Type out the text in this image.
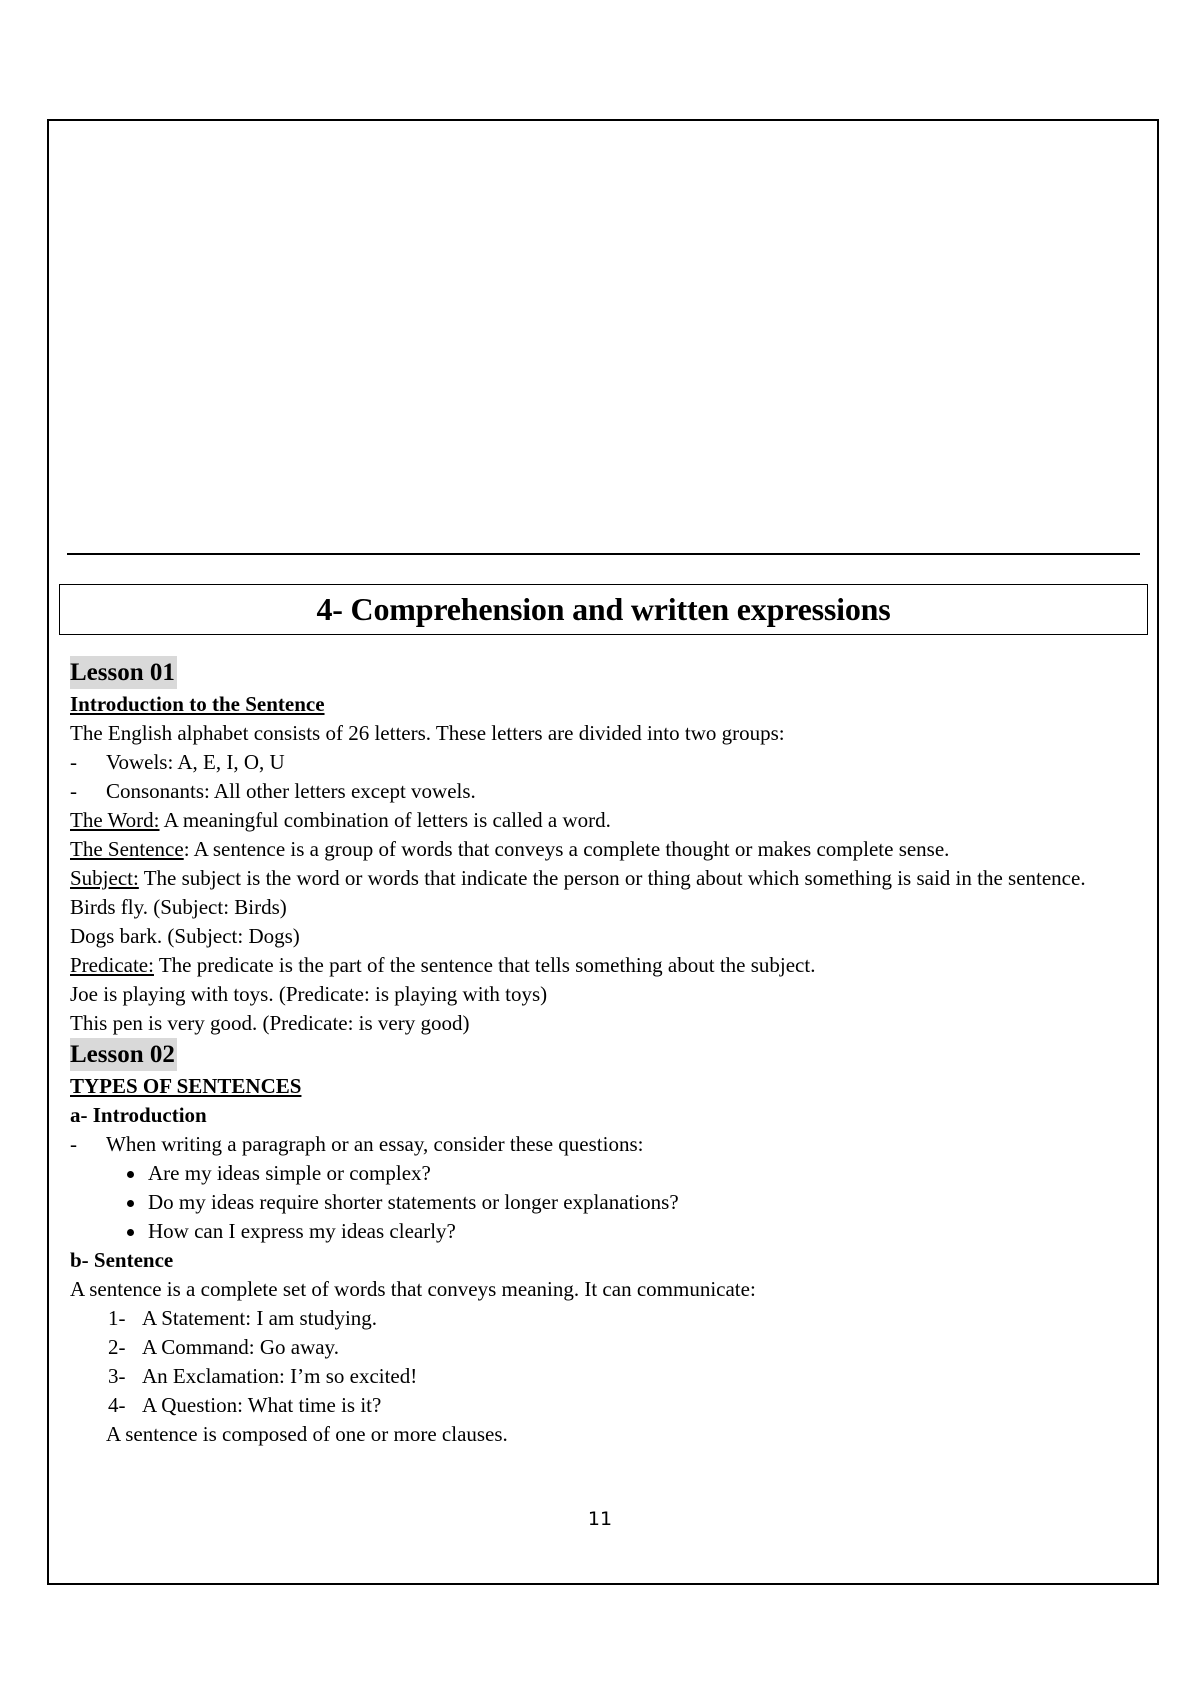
4- Comprehension and written expressions

Lesson 01

Introduction to the Sentence

The English alphabet consists of 26 letters. These letters are divided into two groups:

- Vowels: A, E, I, O, U

- Consonants: All other letters except vowels.

The Word: A meaningful combination of letters is called a word.

The Sentence: A sentence is a group of words that conveys a complete thought or makes complete sense.

Subject: The subject is the word or words that indicate the person or thing about which something is said in the sentence.

Birds fly. (Subject: Birds)

Dogs bark. (Subject: Dogs)

Predicate: The predicate is the part of the sentence that tells something about the subject.

Joe is playing with toys. (Predicate: is playing with toys)

This pen is very good. (Predicate: is very good)

Lesson 02

TYPES OF SENTENCES

a- Introduction

- When writing a paragraph or an essay, consider these questions:

Are my ideas simple or complex?

Do my ideas require shorter statements or longer explanations?

How can I express my ideas clearly?

b- Sentence

A sentence is a complete set of words that conveys meaning. It can communicate:

1- A Statement: I am studying.

2- A Command: Go away.

3- An Exclamation: I’m so excited!

4- A Question: What time is it?

A sentence is composed of one or more clauses.

11
